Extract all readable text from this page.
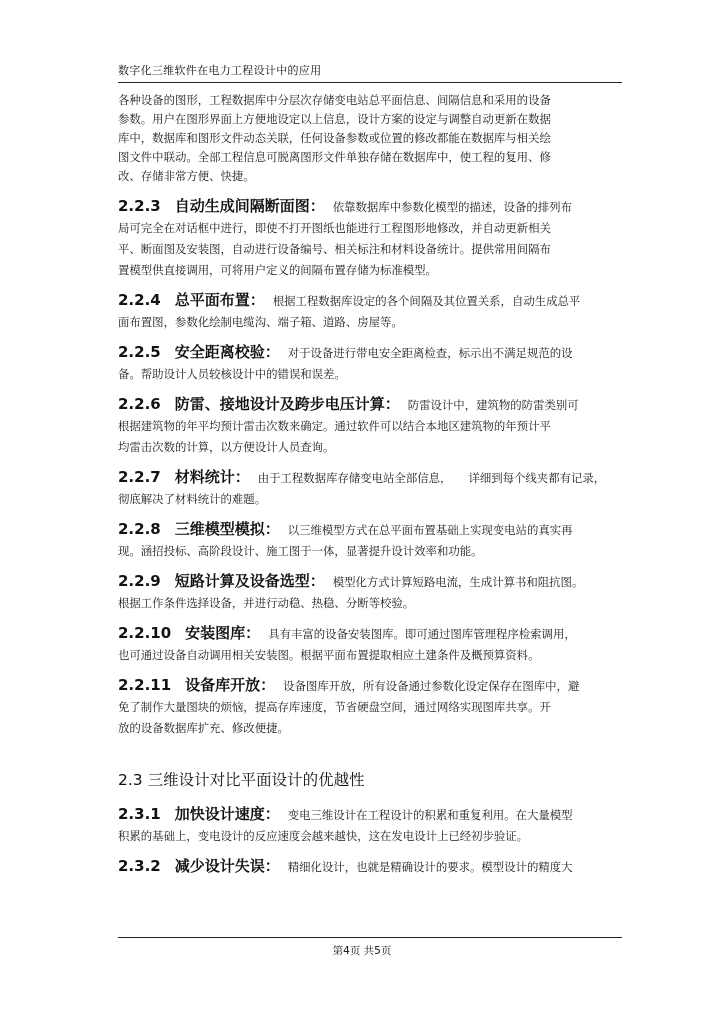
数字化三维软件在电力工程设计中的应用
各种设备的图形，工程数据库中分层次存储变电站总平面信息、间隔信息和采用的设备
参数。用户在图形界面上方便地设定以上信息，设计方案的设定与调整自动更新在数据
库中，数据库和图形文件动态关联，任何设备参数或位置的修改都能在数据库与相关绘
图文件中联动。全部工程信息可脱离图形文件单独存储在数据库中，使工程的复用、修
改、存储非常方便、快捷。
2.2.3 自动生成间隔断面图： 依靠数据库中参数化模型的描述，设备的排列布
局可完全在对话框中进行，即使不打开图纸也能进行工程图形地修改，并自动更新相关
平、断面图及安装图，自动进行设备编号、相关标注和材料设备统计。提供常用间隔布
置模型供直接调用，可将用户定义的间隔布置存储为标准模型。
2.2.4 总平面布置： 根据工程数据库设定的各个间隔及其位置关系，自动生成总平
面布置图，参数化绘制电缆沟、端子箱、道路、房屋等。
2.2.5 安全距离校验： 对于设备进行带电安全距离检查，标示出不满足规范的设
备。帮助设计人员较核设计中的错误和误差。
2.2.6 防雷、接地设计及跨步电压计算： 防雷设计中，建筑物的防雷类别可
根据建筑物的年平均预计雷击次数来确定。通过软件可以结合本地区建筑物的年预计平
均雷击次数的计算，以方便设计人员查询。
2.2.7 材料统计： 由于工程数据库存储变电站全部信息，　　详细到每个线夹都有记录，
彻底解决了材料统计的难题。
2.2.8 三维模型模拟： 以三维模型方式在总平面布置基础上实现变电站的真实再
现。涵招投标、高阶段设计、施工图于一体，显著提升设计效率和功能。
2.2.9 短路计算及设备选型： 模型化方式计算短路电流，生成计算书和阻抗图。
根据工作条件选择设备，并进行动稳、热稳、分断等校验。
2.2.10 安装图库： 具有丰富的设备安装图库。即可通过图库管理程序检索调用，
也可通过设备自动调用相关安装图。根据平面布置提取相应土建条件及概预算资料。
2.2.11 设备库开放： 设备图库开放，所有设备通过参数化设定保存在图库中，避
免了制作大量图块的烦恼，提高存库速度，节省硬盘空间，通过网络实现图库共享。开
放的设备数据库扩充、修改便捷。
2.3 三维设计对比平面设计的优越性
2.3.1 加快设计速度： 变电三维设计在工程设计的积累和重复利用。在大量模型
积累的基础上，变电设计的反应速度会越来越快，这在发电设计上已经初步验证。
2.3.2 减少设计失误： 精细化设计，也就是精确设计的要求。模型设计的精度大
第4页 共5页
